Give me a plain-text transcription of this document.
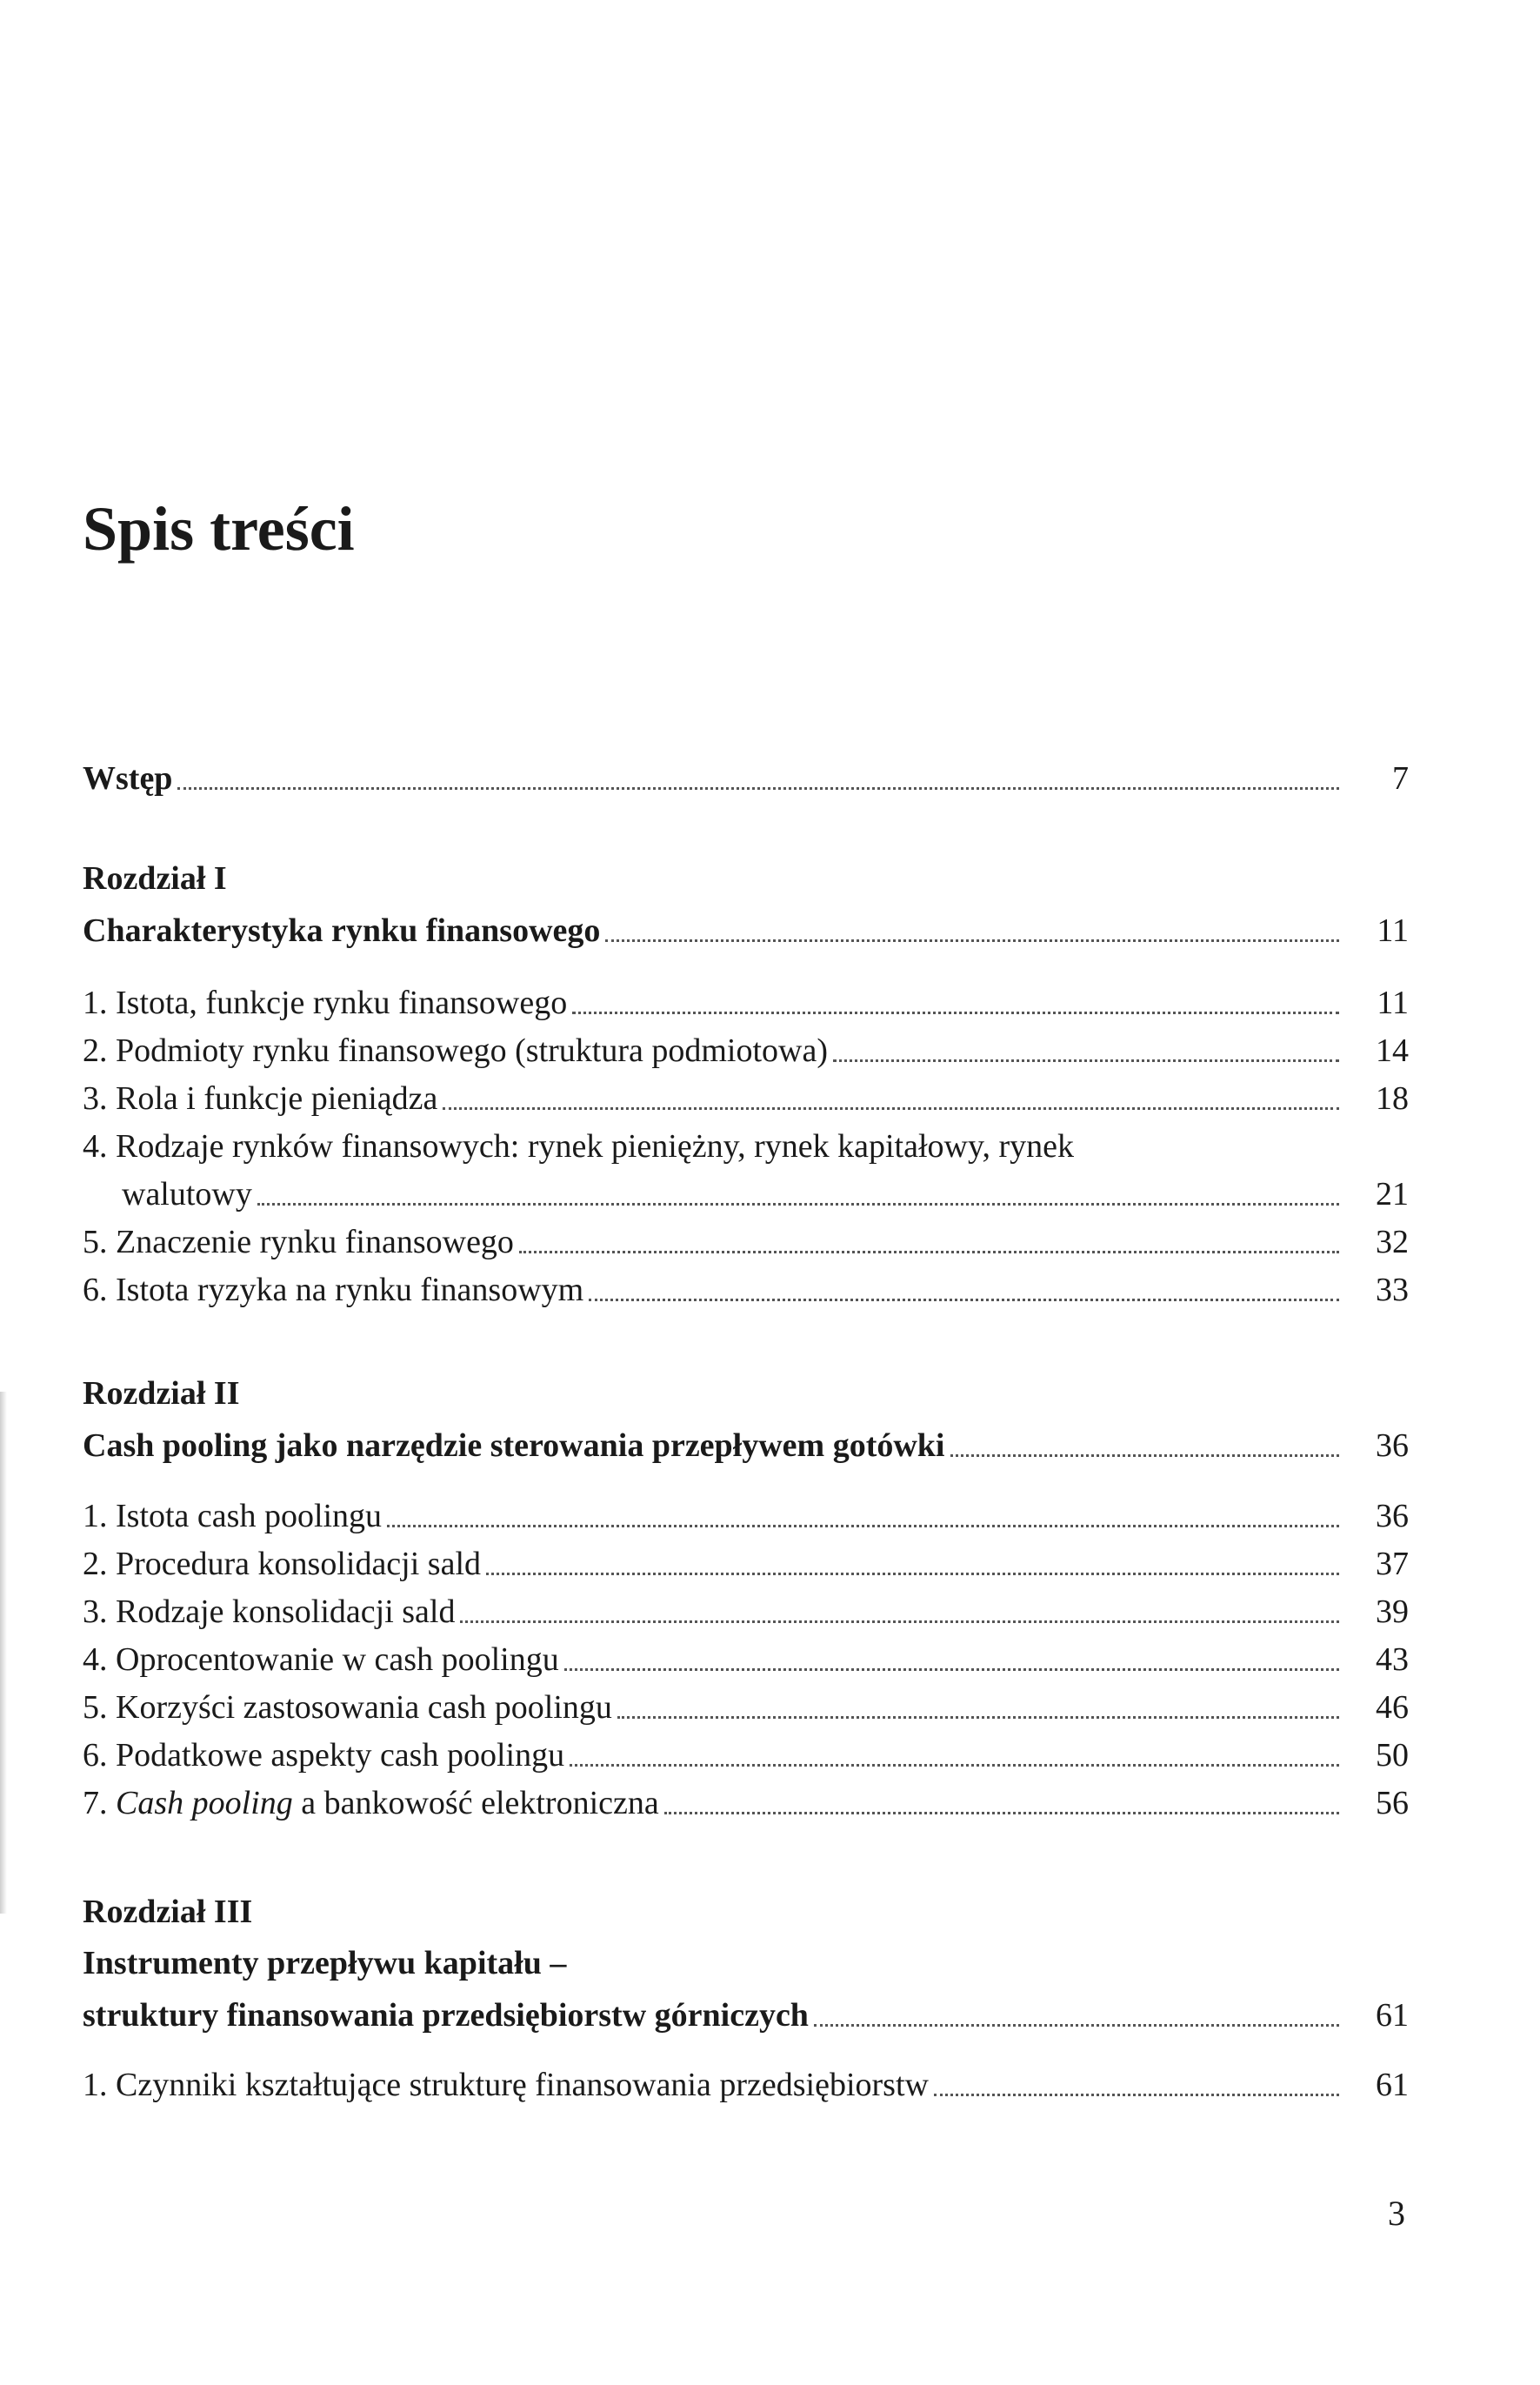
Spis treści
Wstęp	7
Rozdział I
Charakterystyka rynku finansowego	11
1. Istota, funkcje rynku finansowego	11
2. Podmioty rynku finansowego (struktura podmiotowa)	14
3. Rola i funkcje pieniądza	18
4. Rodzaje rynków finansowych: rynek pieniężny, rynek kapitałowy, rynek
walutowy	21
5. Znaczenie rynku finansowego	32
6. Istota ryzyka na rynku finansowym	33
Rozdział II
Cash pooling jako narzędzie sterowania przepływem gotówki	36
1. Istota cash poolingu	36
2. Procedura konsolidacji sald	37
3. Rodzaje konsolidacji sald	39
4. Oprocentowanie w cash poolingu	43
5. Korzyści zastosowania cash poolingu	46
6. Podatkowe aspekty cash poolingu	50
7. Cash pooling a bankowość elektroniczna	56
Rozdział III
Instrumenty przepływu kapitału –
struktury finansowania przedsiębiorstw górniczych	61
1. Czynniki kształtujące strukturę finansowania przedsiębiorstw	61
3
